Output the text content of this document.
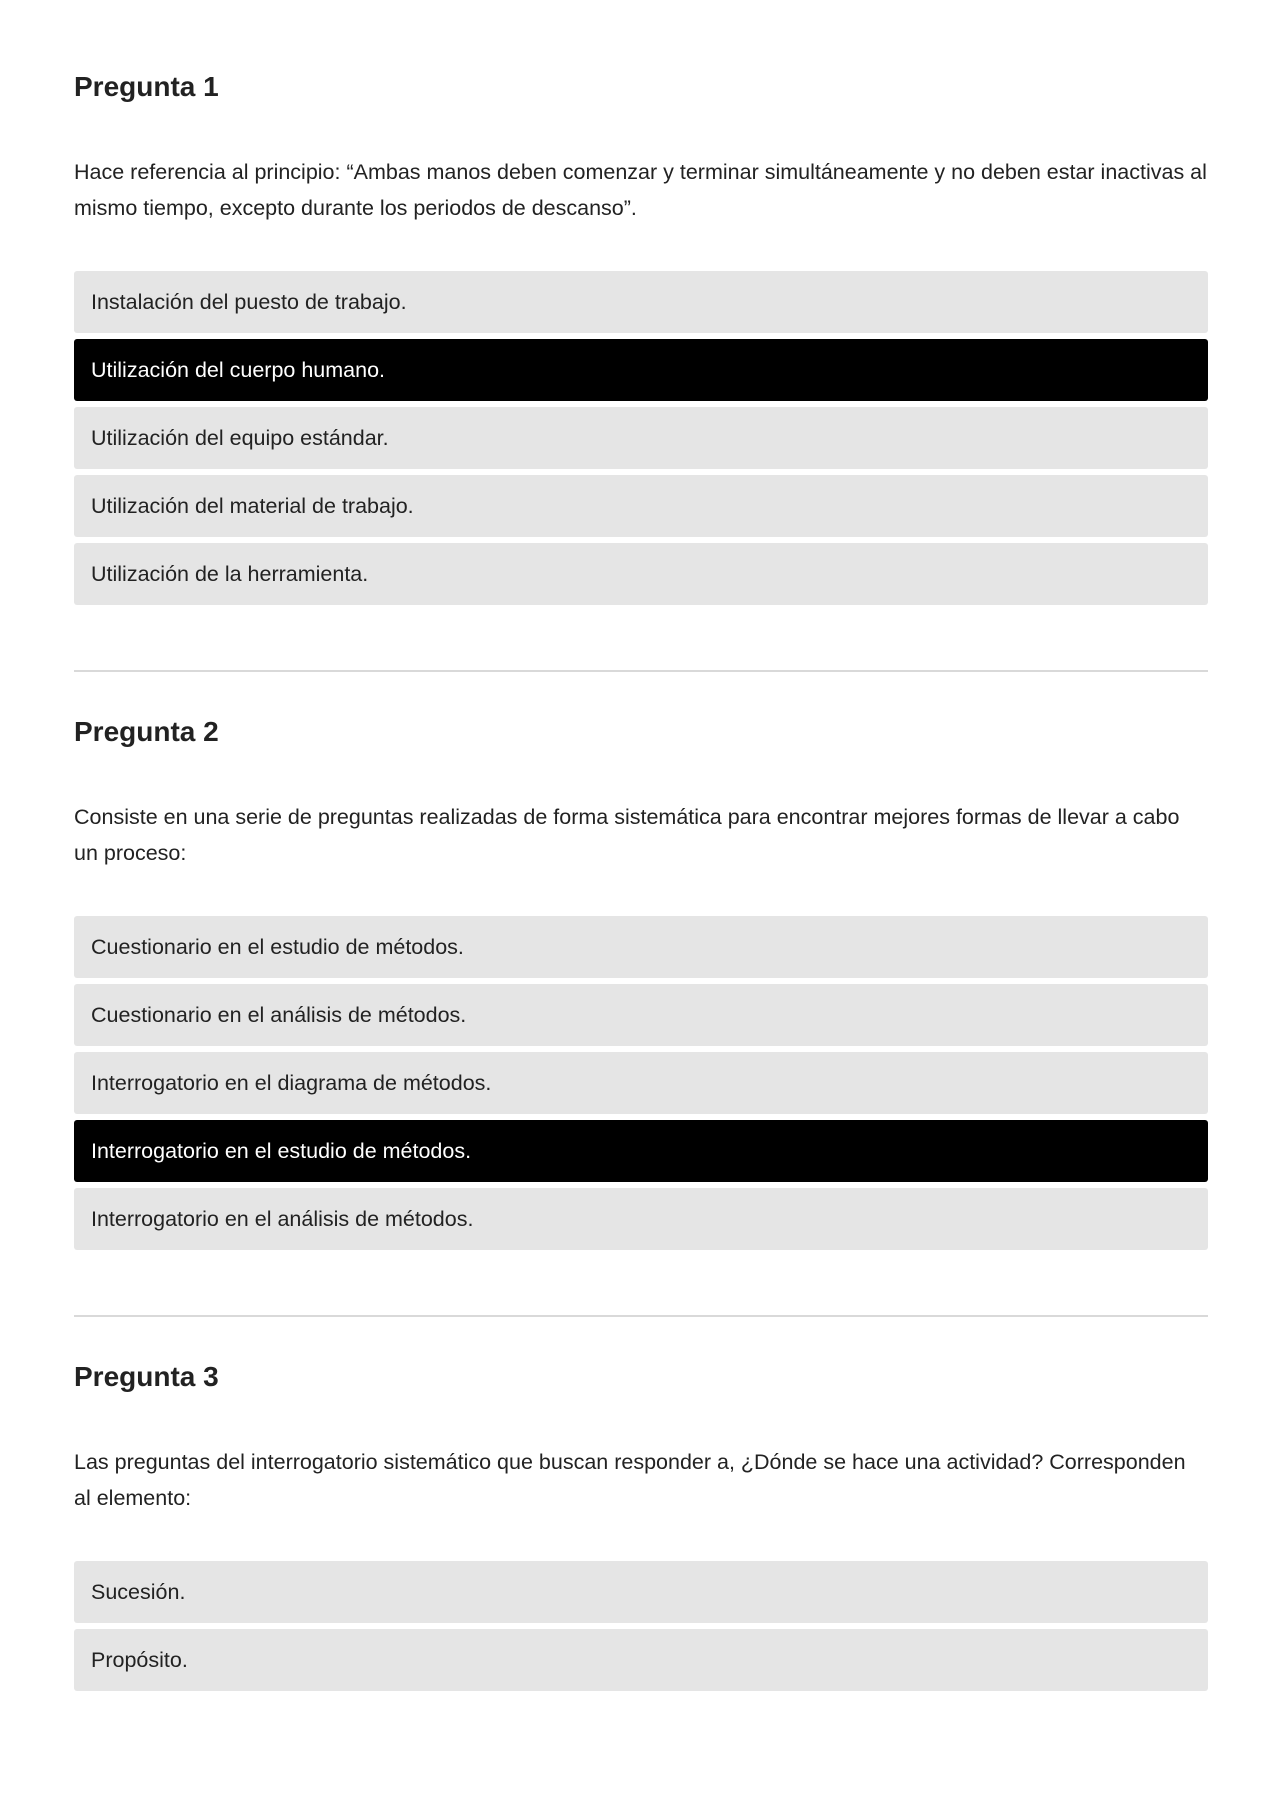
Pregunta 1

Hace referencia al principio: “Ambas manos deben comenzar y terminar simultáneamente y no deben estar inactivas al mismo tiempo, excepto durante los periodos de descanso”.

Instalación del puesto de trabajo.
Utilización del cuerpo humano.
Utilización del equipo estándar.
Utilización del material de trabajo.
Utilización de la herramienta.
Pregunta 2

Consiste en una serie de preguntas realizadas de forma sistemática para encontrar mejores formas de llevar a cabo un proceso:

Cuestionario en el estudio de métodos.
Cuestionario en el análisis de métodos.
Interrogatorio en el diagrama de métodos.
Interrogatorio en el estudio de métodos.
Interrogatorio en el análisis de métodos.
Pregunta 3

Las preguntas del interrogatorio sistemático que buscan responder a, ¿Dónde se hace una actividad? Corresponden al elemento:

Sucesión.
Propósito.
